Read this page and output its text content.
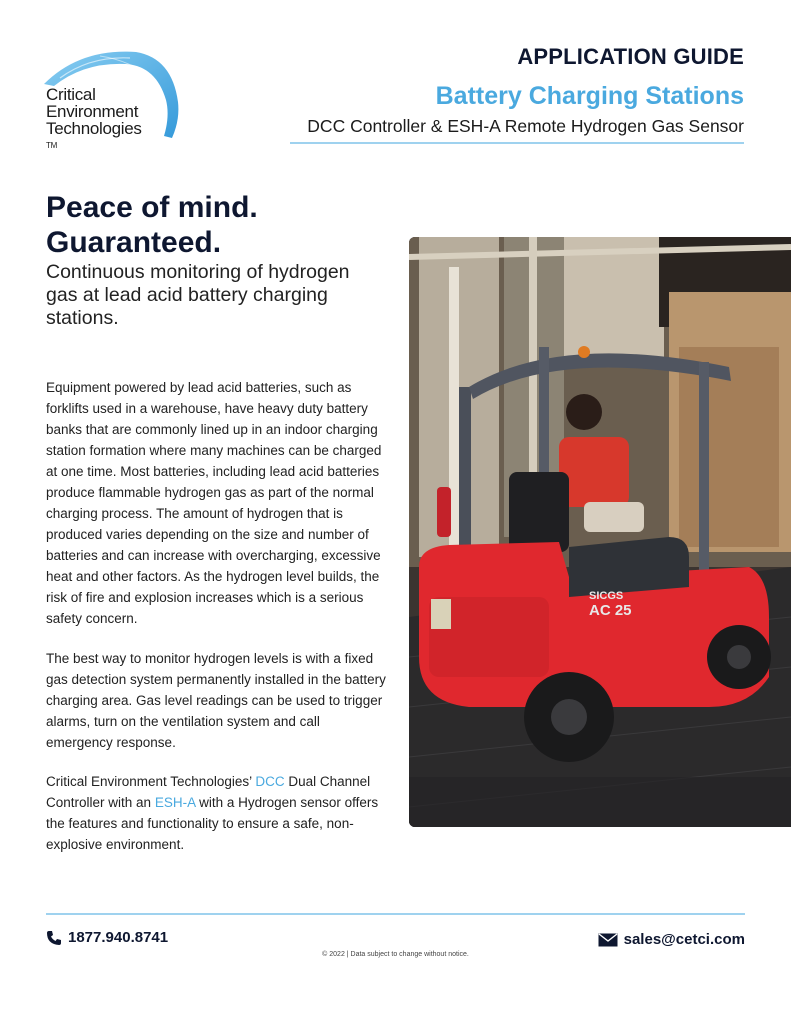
Critical
Environment
Technologies
TM
APPLICATION GUIDE
Battery Charging Stations
DCC Controller & ESH-A Remote Hydrogen Gas Sensor
Peace of mind.
Guaranteed.
Continuous monitoring of hydrogen gas at lead acid battery charging stations.
Equipment powered by lead acid batteries, such as forklifts used in a warehouse, have heavy duty battery banks that are commonly lined up in an indoor charging station formation where many machines can be charged at one time. Most batteries, including lead acid batteries produce flammable hydrogen gas as part of the normal charging process. The amount of hydrogen that is produced varies depending on the size and number of batteries and can increase with overcharging, excessive heat and other factors. As the hydrogen level builds, the risk of fire and explosion increases which is a serious safety concern.
The best way to monitor hydrogen levels is with a fixed gas detection system permanently installed in the battery charging area. Gas level readings can be used to trigger alarms, turn on the ventilation system and call emergency response.
Critical Environment Technologies’ DCC Dual Channel Controller with an ESH-A with a Hydrogen sensor offers the features and functionality to ensure a safe, non-explosive environment.
SICGS
AC 25
1877.940.8741	sales@cetci.com
© 2022 | Data subject to change without notice.
